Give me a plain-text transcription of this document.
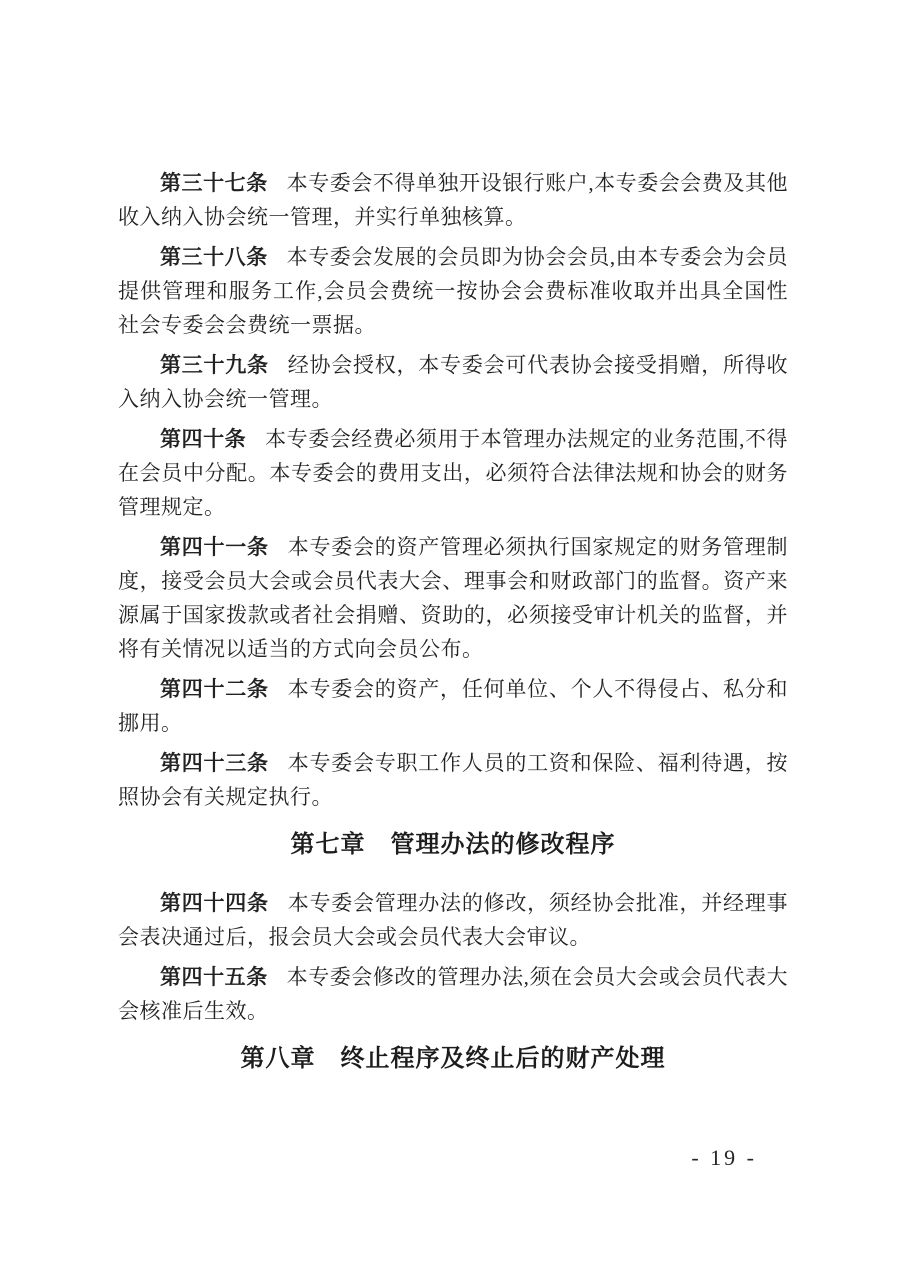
第三十七条 本专委会不得单独开设银行账户,本专委会会费及其他收入纳入协会统一管理，并实行单独核算。

第三十八条 本专委会发展的会员即为协会会员,由本专委会为会员提供管理和服务工作,会员会费统一按协会会费标准收取并出具全国性社会专委会会费统一票据。

第三十九条 经协会授权，本专委会可代表协会接受捐赠，所得收入纳入协会统一管理。

第四十条 本专委会经费必须用于本管理办法规定的业务范围,不得在会员中分配。本专委会的费用支出，必须符合法律法规和协会的财务管理规定。

第四十一条 本专委会的资产管理必须执行国家规定的财务管理制度，接受会员大会或会员代表大会、理事会和财政部门的监督。资产来源属于国家拨款或者社会捐赠、资助的，必须接受审计机关的监督，并将有关情况以适当的方式向会员公布。

第四十二条 本专委会的资产，任何单位、个人不得侵占、私分和挪用。

第四十三条 本专委会专职工作人员的工资和保险、福利待遇，按照协会有关规定执行。

第七章　管理办法的修改程序

第四十四条 本专委会管理办法的修改，须经协会批准，并经理事会表决通过后，报会员大会或会员代表大会审议。

第四十五条 本专委会修改的管理办法,须在会员大会或会员代表大会核准后生效。

第八章　终止程序及终止后的财产处理
- 19 -
